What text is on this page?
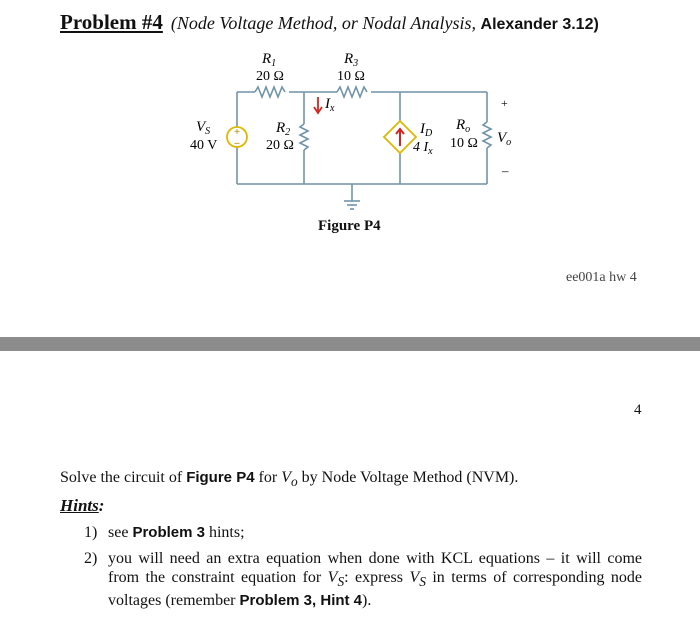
Problem #4 (Node Voltage Method, or Nodal Analysis, Alexander 3.12)
+
–
$R_1$
20 Ω
$R_3$
10 Ω
$I_x$
$V_S$
40 V
$R_2$
20 Ω
$I_D$
4 $I_x$
$R_o$
10 Ω
+
$V_o$
–
Figure P4
ee001a hw 4
4
Solve the circuit of Figure P4 for $V_o$ by Node Voltage Method (NVM).
Hints:
1) see Problem 3 hints;
2) you will need an extra equation when done with KCL equations – it will come from the constraint equation for $V_S$: express $V_S$ in terms of corresponding node voltages (remember Problem 3, Hint 4).
